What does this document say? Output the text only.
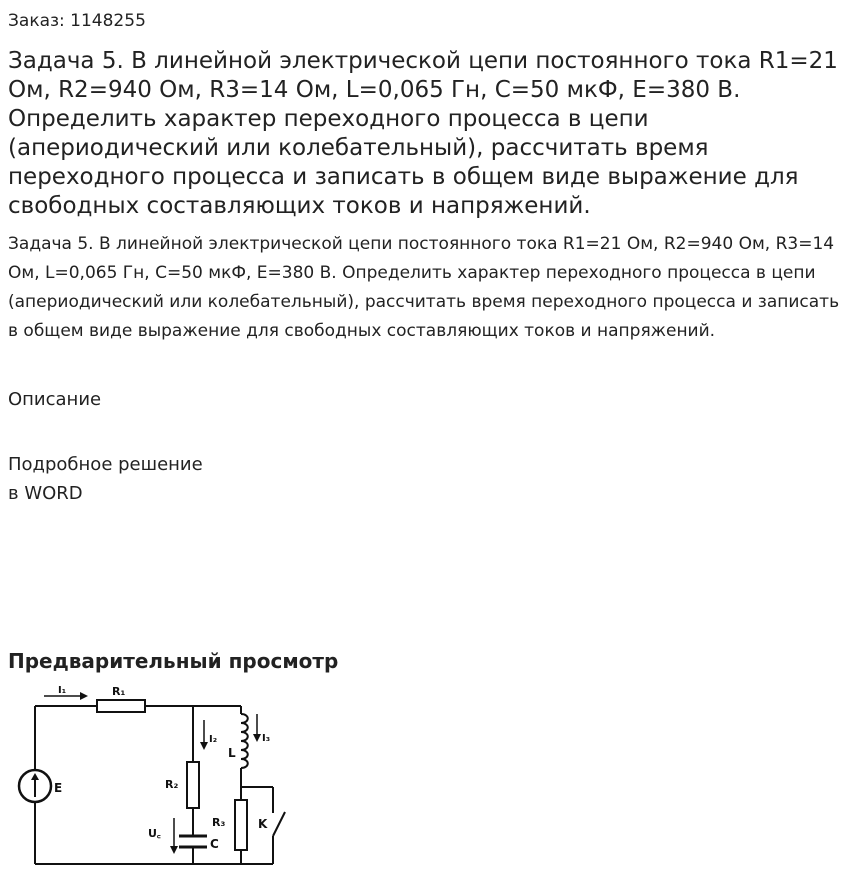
Заказ: 1148255
Задача 5. В линейной электрической цепи постоянного тока R1=21 Ом, R2=940 Ом, R3=14 Ом, L=0,065 Гн, С=50 мкФ, Е=380 В. Определить характер переходного процесса в цепи (апериодический или колебательный), рассчитать время переходного процесса и записать в общем виде выражение для свободных составляющих токов и напряжений.

Задача 5. В линейной электрической цепи постоянного тока R1=21 Ом, R2=940 Ом, R3=14 Ом, L=0,065 Гн, С=50 мкФ, Е=380 В. Определить характер переходного процесса в цепи (апериодический или колебательный), рассчитать время переходного процесса и записать в общем виде выражение для свободных составляющих токов и напряжений.

Описание
Подробное решение
в WORD
Предварительный просмотр
I₁	R₁
I₂	I₃
L
E	R₂
R₃	K
U꜀
C
